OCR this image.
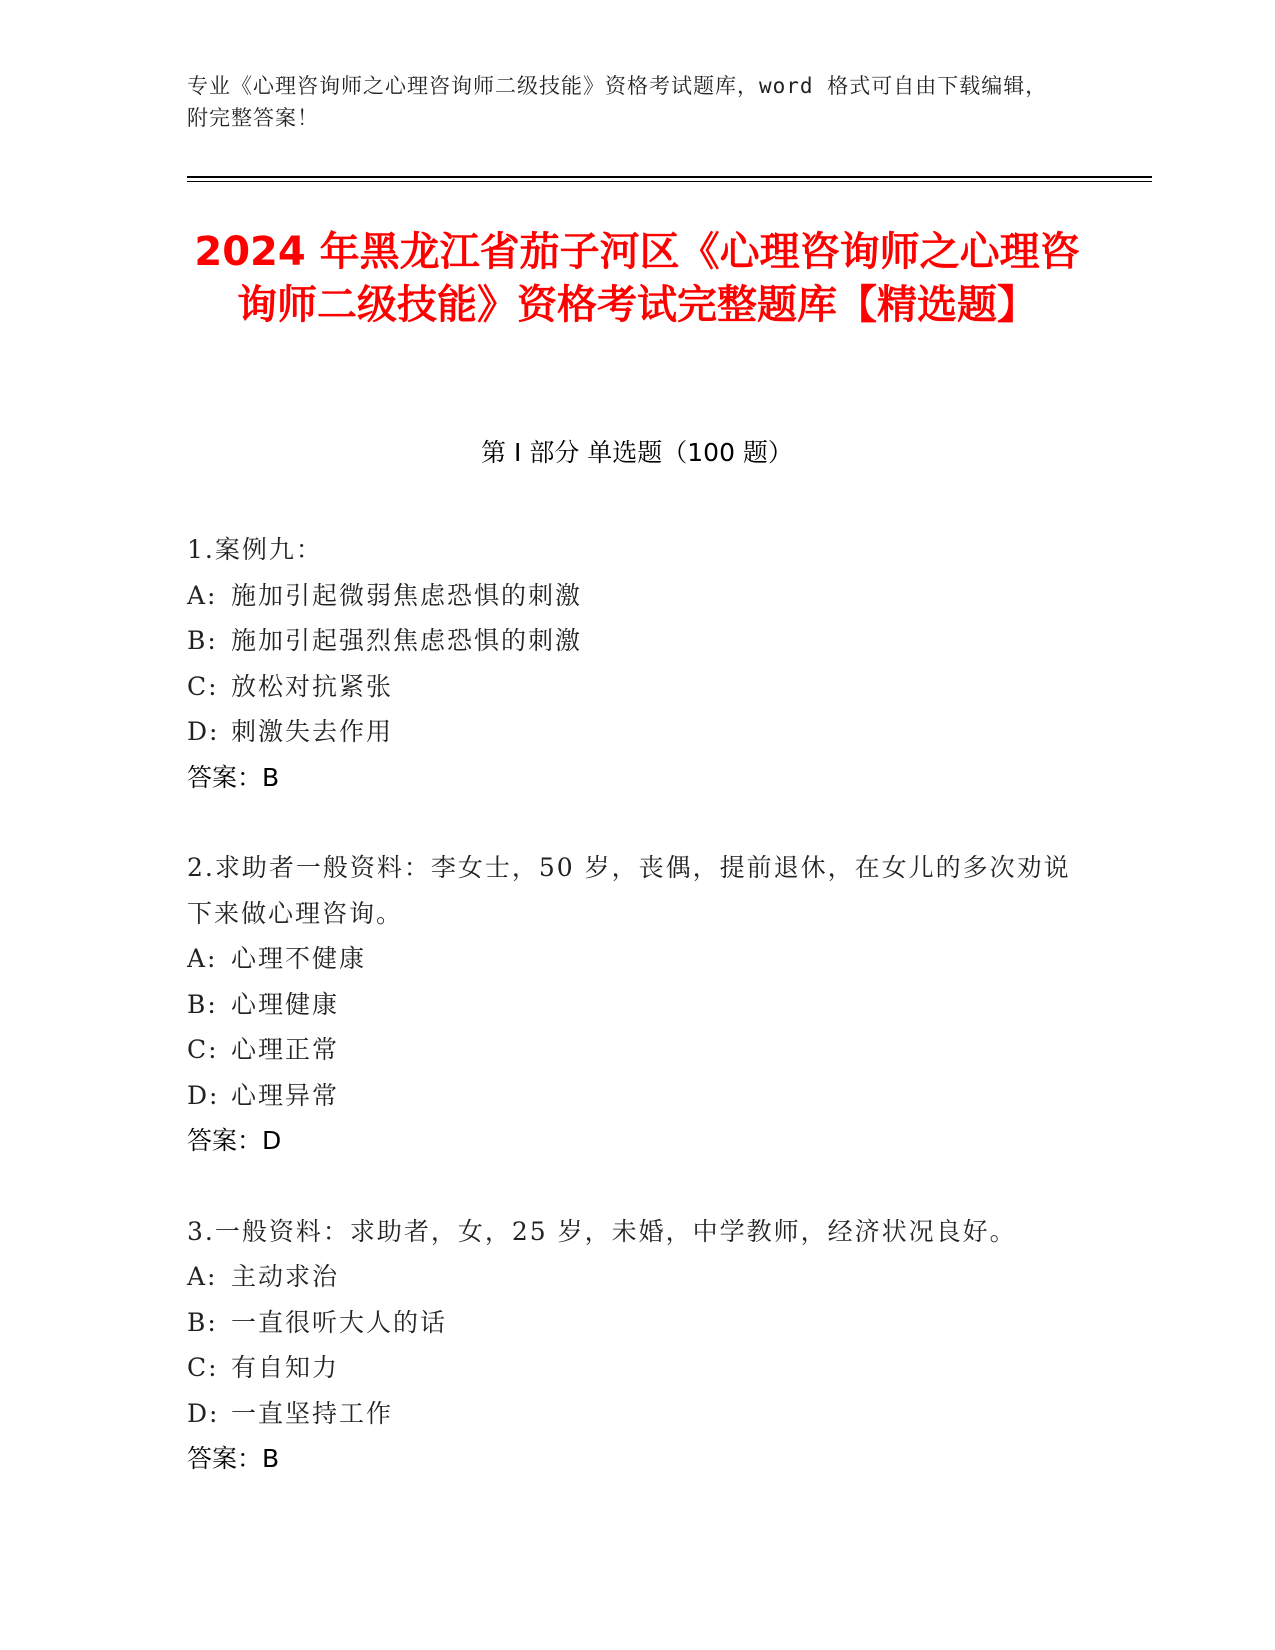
专业《心理咨询师之心理咨询师二级技能》资格考试题库，word 格式可自由下载编辑，附完整答案！
2024 年黑龙江省茄子河区《心理咨询师之心理咨询师二级技能》资格考试完整题库【精选题】
第 I 部分 单选题（100 题）
1.案例九：
A: 施加引起微弱焦虑恐惧的刺激
B: 施加引起强烈焦虑恐惧的刺激
C: 放松对抗紧张
D: 刺激失去作用
答案：B
2.求助者一般资料：李女士，50 岁，丧偶，提前退休，在女儿的多次劝说下来做心理咨询。
A: 心理不健康
B: 心理健康
C: 心理正常
D: 心理异常
答案：D
3.一般资料：求助者，女，25 岁，未婚，中学教师，经济状况良好。
A: 主动求治
B: 一直很听大人的话
C: 有自知力
D: 一直坚持工作
答案：B
